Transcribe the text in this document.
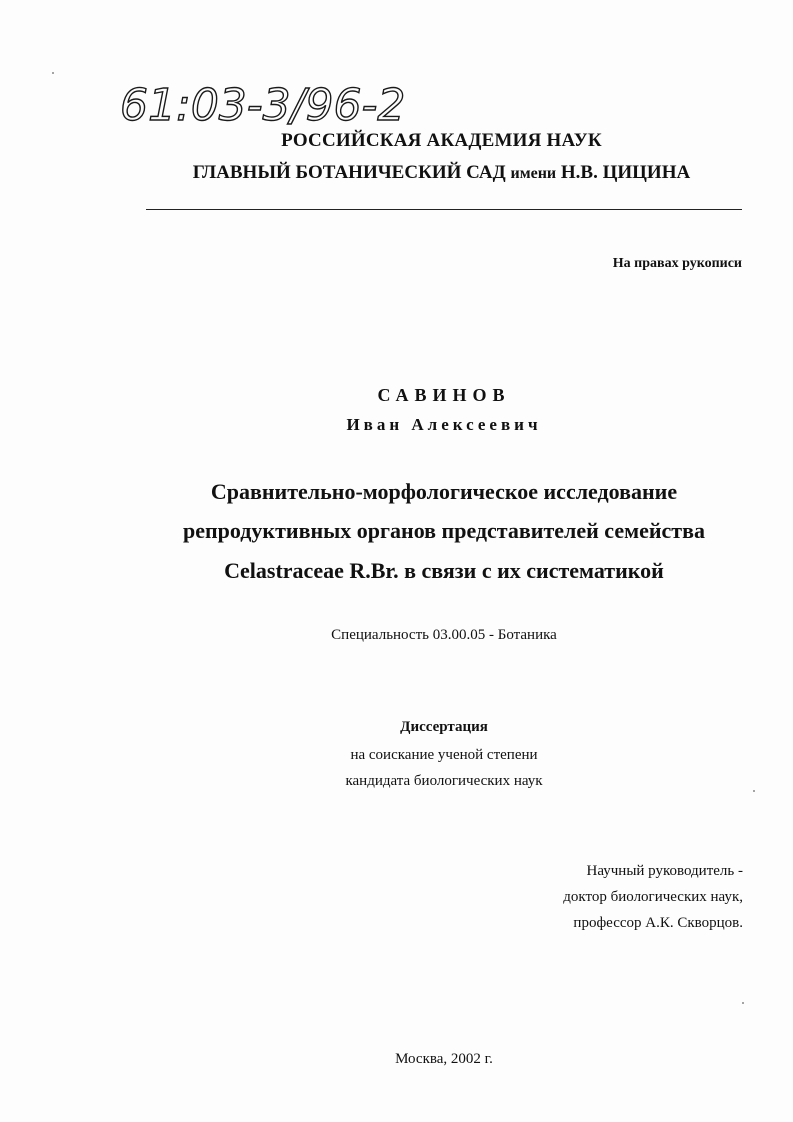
61:03-3/96-2
РОССИЙСКАЯ АКАДЕМИЯ НАУК
ГЛАВНЫЙ БОТАНИЧЕСКИЙ САД имени Н.В. ЦИЦИНА
На правах рукописи
САВИНОВ
Иван Алексеевич
Сравнительно-морфологическое исследование
репродуктивных органов представителей семейства
Celastraceae R.Br. в связи с их систематикой
Специальность 03.00.05 - Ботаника
Диссертация
на соискание ученой степени
кандидата биологических наук
Научный руководитель -
доктор биологических наук,
профессор А.К. Скворцов.
Москва, 2002 г.
